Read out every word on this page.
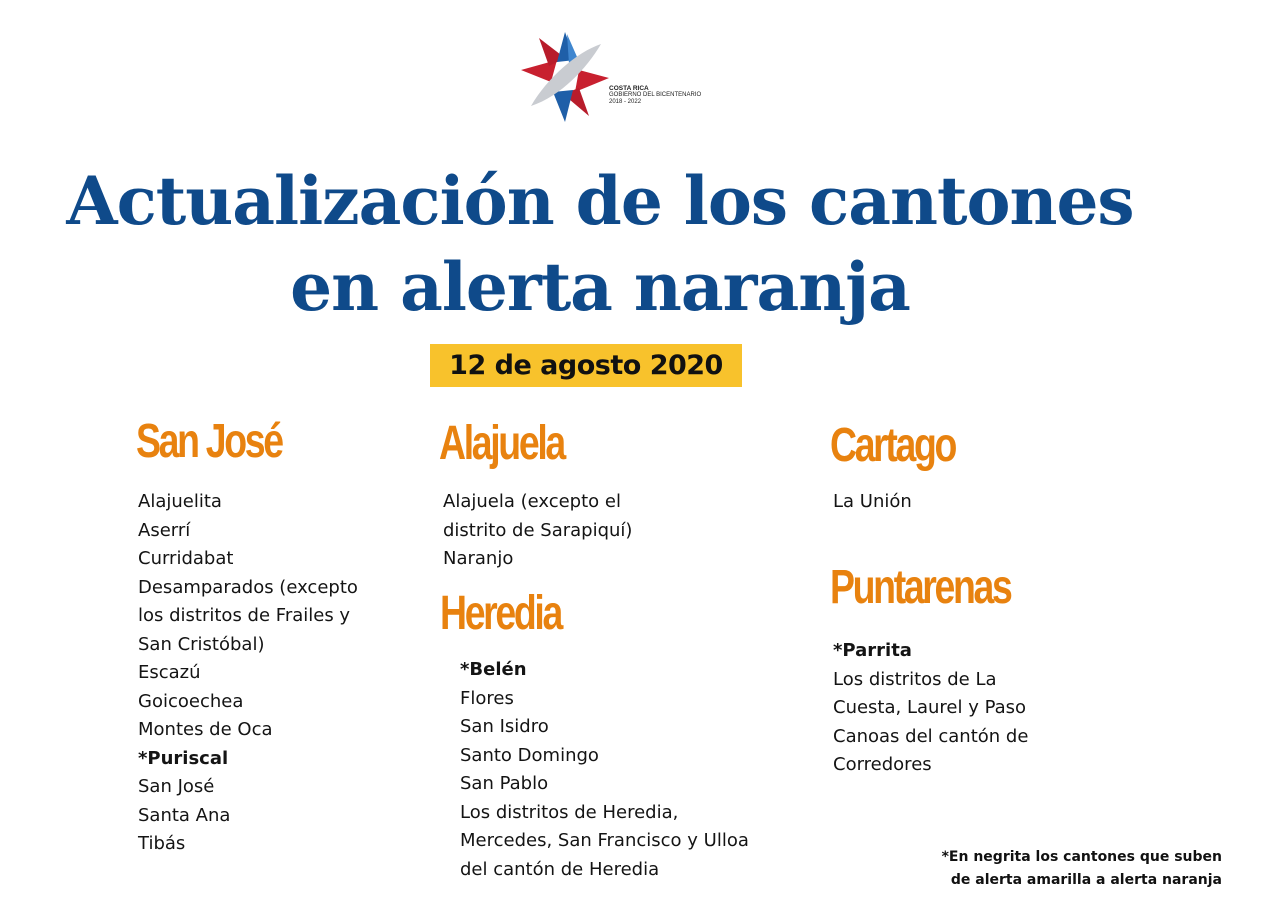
COSTA RICA
GOBIERNO DEL BICENTENARIO
2018 - 2022
Actualización de los cantones
en alerta naranja
12 de agosto 2020
San José
Alajuelita
Aserrí
Curridabat
Desamparados (excepto
los distritos de Frailes y
San Cristóbal)
Escazú
Goicoechea
Montes de Oca
*Puriscal
San José
Santa Ana
Tibás
Alajuela
Alajuela (excepto el
distrito de Sarapiquí)
Naranjo
Heredia
*Belén
Flores
San Isidro
Santo Domingo
San Pablo
Los distritos de Heredia,
Mercedes, San Francisco y Ulloa
del cantón de Heredia
Cartago
La Unión
Puntarenas
*Parrita
Los distritos de La
Cuesta, Laurel y Paso
Canoas del cantón de
Corredores
*En negrita los cantones que suben
de alerta amarilla a alerta naranja
